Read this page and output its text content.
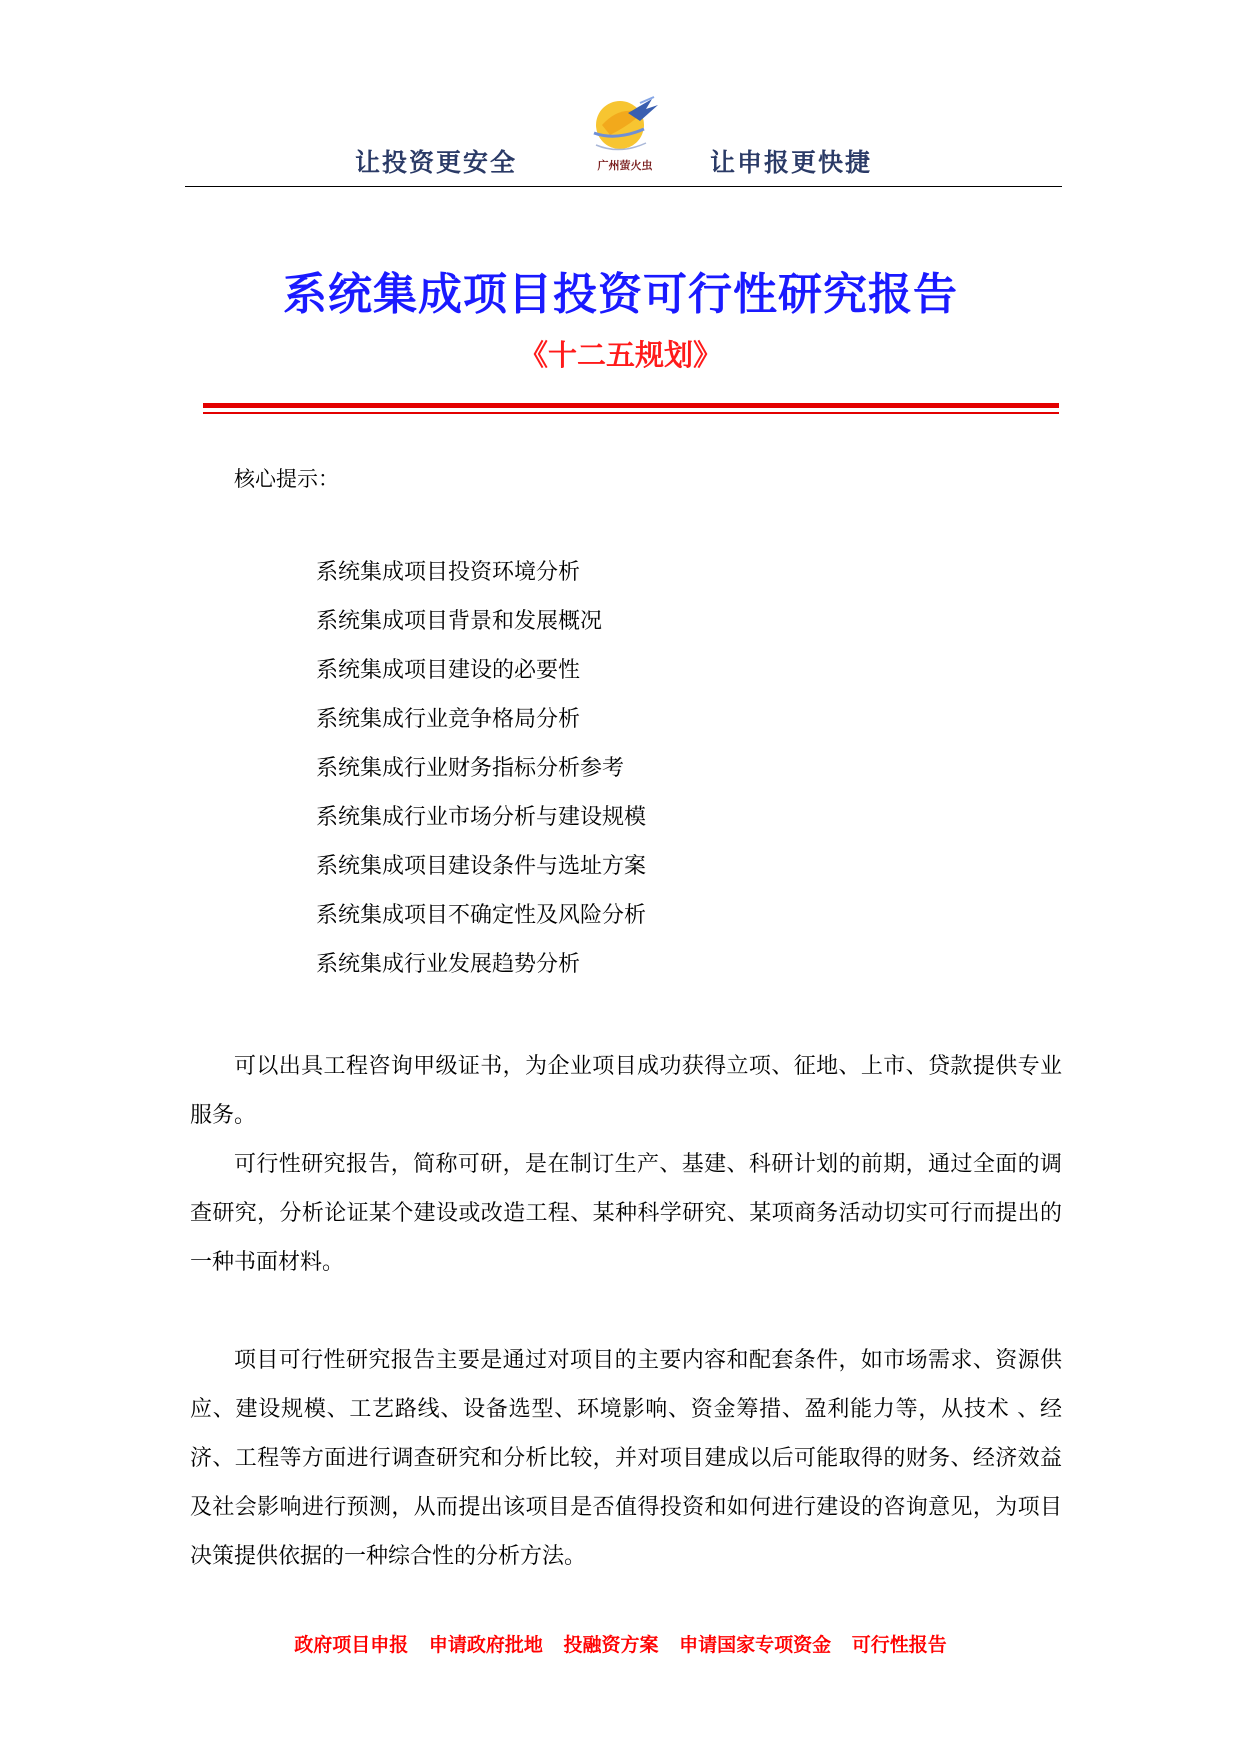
让投资更安全	广州萤火虫	让申报更快捷
系统集成项目投资可行性研究报告
《十二五规划》
核心提示：
系统集成项目投资环境分析
系统集成项目背景和发展概况
系统集成项目建设的必要性
系统集成行业竞争格局分析
系统集成行业财务指标分析参考
系统集成行业市场分析与建设规模
系统集成项目建设条件与选址方案
系统集成项目不确定性及风险分析
系统集成行业发展趋势分析

可以出具工程咨询甲级证书，为企业项目成功获得立项、征地、上市、贷款提供专业服务。

可行性研究报告，简称可研，是在制订生产、基建、科研计划的前期，通过全面的调查研究，分析论证某个建设或改造工程、某种科学研究、某项商务活动切实可行而提出的一种书面材料。

项目可行性研究报告主要是通过对项目的主要内容和配套条件，如市场需求、资源供应、建设规模、工艺路线、设备选型、环境影响、资金筹措、盈利能力等，从技术 、经济、工程等方面进行调查研究和分析比较，并对项目建成以后可能取得的财务、经济效益及社会影响进行预测，从而提出该项目是否值得投资和如何进行建设的咨询意见，为项目决策提供依据的一种综合性的分析方法。

政府项目申报 申请政府批地 投融资方案 申请国家专项资金 可行性报告
